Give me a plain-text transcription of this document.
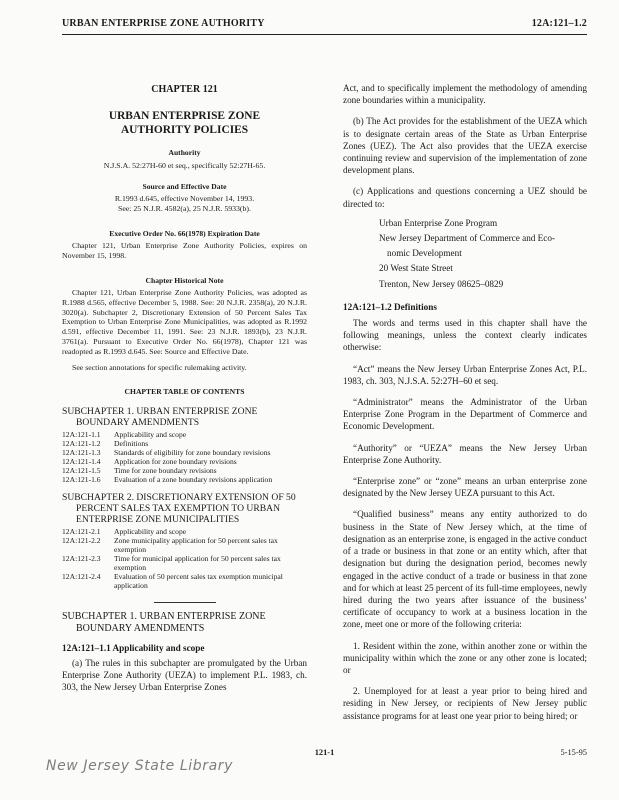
URBAN ENTERPRISE ZONE AUTHORITY	12A:121–1.2
CHAPTER 121
URBAN ENTERPRISE ZONE
AUTHORITY POLICIES
Authority
N.J.S.A. 52:27H-60 et seq., specifically 52:27H-65.
Source and Effective Date
R.1993 d.645, effective November 14, 1993.
See: 25 N.J.R. 4582(a), 25 N.J.R. 5933(b).
Executive Order No. 66(1978) Expiration Date
Chapter 121, Urban Enterprise Zone Authority Policies, expires on November 15, 1998.
Chapter Historical Note
Chapter 121, Urban Enterprise Zone Authority Policies, was adopted as R.1988 d.565, effective December 5, 1988. See: 20 N.J.R. 2358(a), 20 N.J.R. 3020(a). Subchapter 2, Discretionary Extension of 50 Percent Sales Tax Exemption to Urban Enterprise Zone Municipalities, was adopted as R.1992 d.591, effective December 11, 1991. See: 23 N.J.R. 1893(b), 23 N.J.R. 3761(a). Pursuant to Executive Order No. 66(1978), Chapter 121 was readopted as R.1993 d.645. See: Source and Effective Date.
See section annotations for specific rulemaking activity.
CHAPTER TABLE OF CONTENTS
SUBCHAPTER 1. URBAN ENTERPRISE ZONE
BOUNDARY AMENDMENTS
12A:121-1.1	Applicability and scope
12A:121-1.2	Definitions
12A:121-1.3	Standards of eligibility for zone boundary revisions
12A:121-1.4	Application for zone boundary revisions
12A:121-1.5	Time for zone boundary revisions
12A:121-1.6	Evaluation of a zone boundary revisions application
SUBCHAPTER 2. DISCRETIONARY EXTENSION OF 50
PERCENT SALES TAX EXEMPTION TO URBAN
ENTERPRISE ZONE MUNICIPALITIES
12A:121-2.1	Applicability and scope
12A:121-2.2	Zone municipality application for 50 percent sales tax exemption
12A:121-2.3	Time for municipal application for 50 percent sales tax exemption
12A:121-2.4	Evaluation of 50 percent sales tax exemption municipal application
SUBCHAPTER 1. URBAN ENTERPRISE ZONE
BOUNDARY AMENDMENTS
12A:121–1.1 Applicability and scope
(a) The rules in this subchapter are promulgated by the Urban Enterprise Zone Authority (UEZA) to implement P.L. 1983, ch. 303, the New Jersey Urban Enterprise Zones

Act, and to specifically implement the methodology of amending zone boundaries within a municipality.

(b) The Act provides for the establishment of the UEZA which is to designate certain areas of the State as Urban Enterprise Zones (UEZ). The Act also provides that the UEZA exercise continuing review and supervision of the implementation of zone development plans.

(c) Applications and questions concerning a UEZ should be directed to:

Urban Enterprise Zone Program
New Jersey Department of Commerce and Eco-
nomic Development
20 West State Street
Trenton, New Jersey 08625–0829
12A:121–1.2 Definitions

The words and terms used in this chapter shall have the following meanings, unless the context clearly indicates otherwise:

“Act” means the New Jersey Urban Enterprise Zones Act, P.L. 1983, ch. 303, N.J.S.A. 52:27H–60 et seq.

“Administrator” means the Administrator of the Urban Enterprise Zone Program in the Department of Commerce and Economic Development.

“Authority” or “UEZA” means the New Jersey Urban Enterprise Zone Authority.

“Enterprise zone” or “zone” means an urban enterprise zone designated by the New Jersey UEZA pursuant to this Act.

“Qualified business” means any entity authorized to do business in the State of New Jersey which, at the time of designation as an enterprise zone, is engaged in the active conduct of a trade or business in that zone or an entity which, after that designation but during the designation period, becomes newly engaged in the active conduct of a trade or business in that zone and for which at least 25 percent of its full-time employees, newly hired during the two years after issuance of the business’ certificate of occupancy to work at a business location in the zone, meet one or more of the following criteria:

1. Resident within the zone, within another zone or within the municipality within which the zone or any other zone is located; or
2. Unemployed for at least a year prior to being hired and residing in New Jersey, or recipients of New Jersey public assistance programs for at least one year prior to being hired; or
121-1	5-15-95
New Jersey State Library
